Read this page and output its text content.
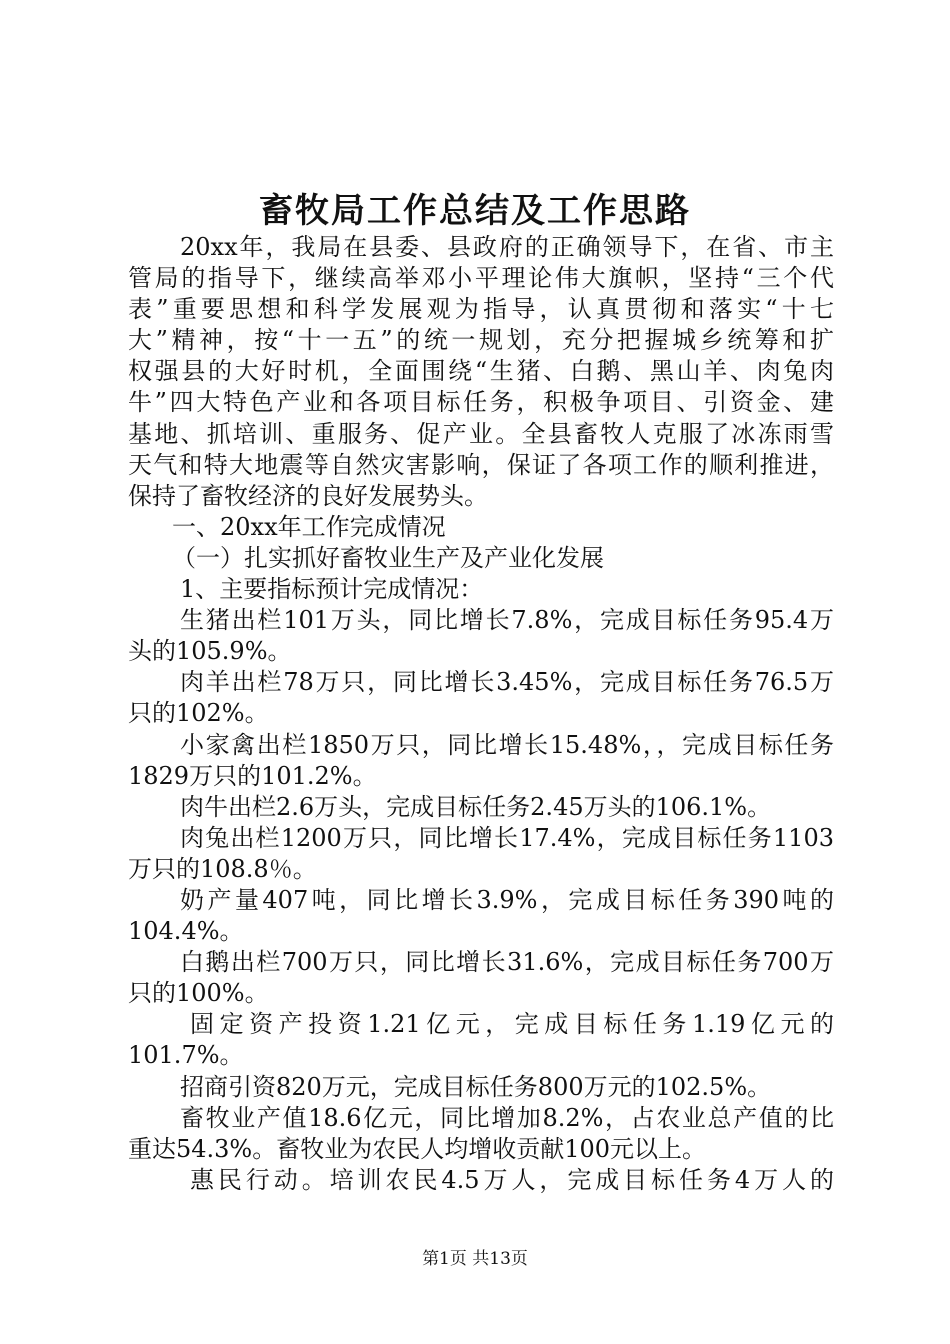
畜牧局工作总结及工作思路
20xx年，我局在县委、县政府的正确领导下，在省、市主
管局的指导下，继续高举邓小平理论伟大旗帜，坚持“三个代
表”重要思想和科学发展观为指导，认真贯彻和落实“十七
大”精神，按“十一五”的统一规划，充分把握城乡统筹和扩
权强县的大好时机，全面围绕“生猪、白鹅、黑山羊、肉兔肉
牛”四大特色产业和各项目标任务，积极争项目、引资金、建
基地、抓培训、重服务、促产业。全县畜牧人克服了冰冻雨雪
天气和特大地震等自然灾害影响，保证了各项工作的顺利推进，
保持了畜牧经济的良好发展势头。
一、20xx年工作完成情况
（一）扎实抓好畜牧业生产及产业化发展
1、主要指标预计完成情况：
生猪出栏101万头，同比增长7.8%，完成目标任务95.4万
头的105.9%。
肉羊出栏78万只，同比增长3.45%，完成目标任务76.5万
只的102%。
小家禽出栏1850万只，同比增长15.48%，，完成目标任务
1829万只的101.2%。
肉牛出栏2.6万头，完成目标任务2.45万头的106.1%。
肉兔出栏1200万只，同比增长17.4%，完成目标任务1103
万只的108.8％。
奶产量407吨，同比增长3.9%，完成目标任务390吨的
104.4%。
白鹅出栏700万只，同比增长31.6%，完成目标任务700万
只的100%。
固定资产投资1.21亿元，完成目标任务1.19亿元的
101.7%。
招商引资820万元，完成目标任务800万元的102.5%。
畜牧业产值18.6亿元，同比增加8.2%，占农业总产值的比
重达54.3%。畜牧业为农民人均增收贡献100元以上。
惠民行动。培训农民4.5万人，完成目标任务4万人的
第1页 共13页
